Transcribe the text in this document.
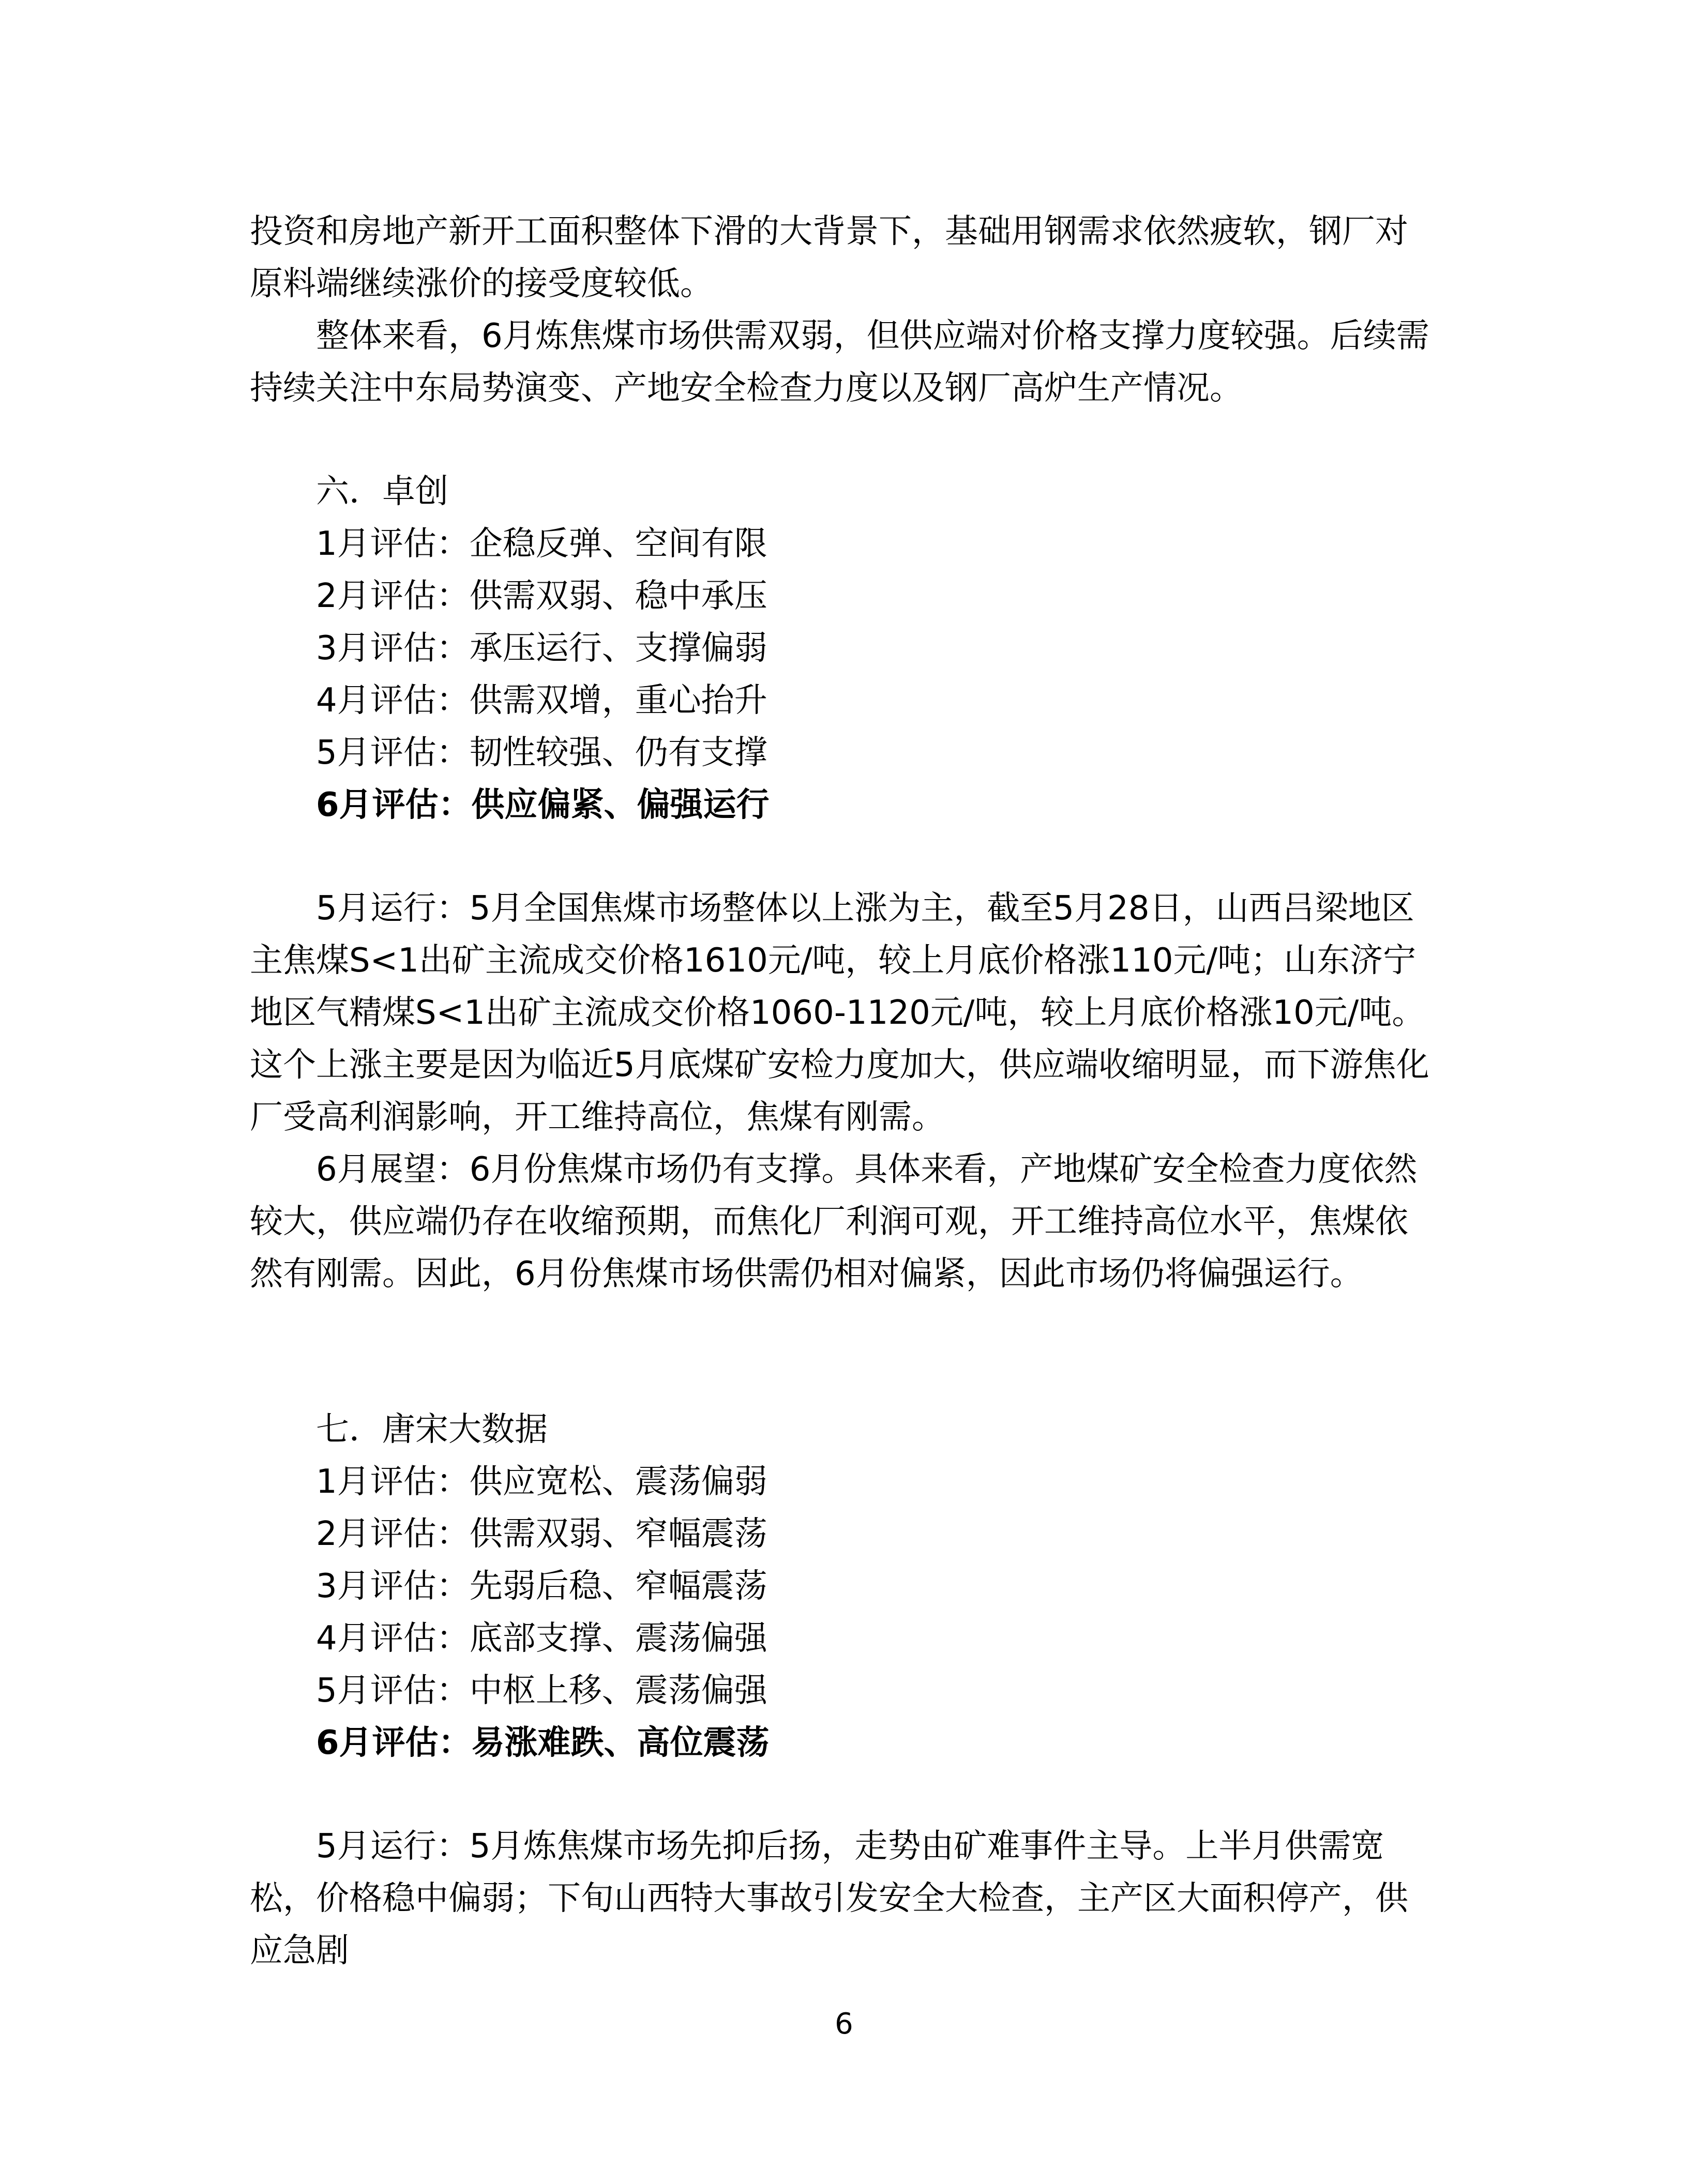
投资和房地产新开工面积整体下滑的大背景下，基础用钢需求依然疲软，钢厂对原料端继续涨价的接受度较低。

整体来看，6月炼焦煤市场供需双弱，但供应端对价格支撑力度较强。后续需持续关注中东局势演变、产地安全检查力度以及钢厂高炉生产情况。

六．卓创

1月评估：企稳反弹、空间有限

2月评估：供需双弱、稳中承压

3月评估：承压运行、支撑偏弱

4月评估：供需双增，重心抬升

5月评估：韧性较强、仍有支撑

6月评估：供应偏紧、偏强运行

5月运行：5月全国焦煤市场整体以上涨为主，截至5月28日，山西吕梁地区主焦煤S<1出矿主流成交价格1610元/吨，较上月底价格涨110元/吨；山东济宁地区气精煤S<1出矿主流成交价格1060-1120元/吨，较上月底价格涨10元/吨。这个上涨主要是因为临近5月底煤矿安检力度加大，供应端收缩明显，而下游焦化厂受高利润影响，开工维持高位，焦煤有刚需。

6月展望：6月份焦煤市场仍有支撑。具体来看，产地煤矿安全检查力度依然较大，供应端仍存在收缩预期，而焦化厂利润可观，开工维持高位水平，焦煤依然有刚需。因此，6月份焦煤市场供需仍相对偏紧，因此市场仍将偏强运行。

七．唐宋大数据

1月评估：供应宽松、震荡偏弱

2月评估：供需双弱、窄幅震荡

3月评估：先弱后稳、窄幅震荡

4月评估：底部支撑、震荡偏强

5月评估：中枢上移、震荡偏强

6月评估：易涨难跌、高位震荡

5月运行：5月炼焦煤市场先抑后扬，走势由矿难事件主导。上半月供需宽松，价格稳中偏弱；下旬山西特大事故引发安全大检查，主产区大面积停产，供应急剧

6
